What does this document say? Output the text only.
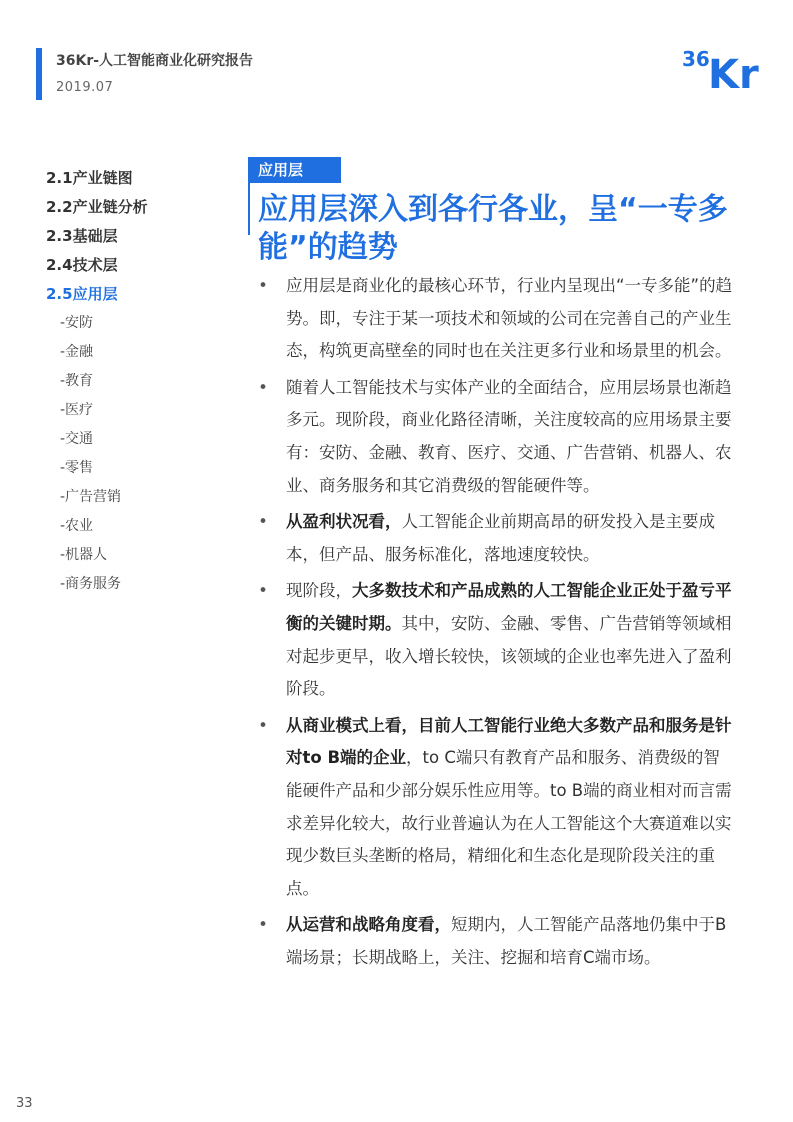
36Kr-人工智能商业化研究报告
2019.07
36
Kr
2.1产业链图
2.2产业链分析
2.3基础层
2.4技术层
2.5应用层
-安防
-金融
-教育
-医疗
-交通
-零售
-广告营销
-农业
-机器人
-商务服务
应用层
应用层深入到各行各业，呈“一专多能”的趋势
•	应用层是商业化的最核心环节，行业内呈现出“一专多能”的趋势。即，专注于某一项技术和领域的公司在完善自己的产业生态，构筑更高壁垒的同时也在关注更多行业和场景里的机会。
•	随着人工智能技术与实体产业的全面结合，应用层场景也渐趋多元。现阶段，商业化路径清晰，关注度较高的应用场景主要有：安防、金融、教育、医疗、交通、广告营销、机器人、农业、商务服务和其它消费级的智能硬件等。
•	从盈利状况看，人工智能企业前期高昂的研发投入是主要成本，但产品、服务标准化，落地速度较快。
•	现阶段，大多数技术和产品成熟的人工智能企业正处于盈亏平衡的关键时期。其中，安防、金融、零售、广告营销等领域相对起步更早，收入增长较快，该领域的企业也率先进入了盈利阶段。
•	从商业模式上看，目前人工智能行业绝大多数产品和服务是针对to B端的企业，to C端只有教育产品和服务、消费级的智能硬件产品和少部分娱乐性应用等。to B端的商业相对而言需求差异化较大，故行业普遍认为在人工智能这个大赛道难以实现少数巨头垄断的格局，精细化和生态化是现阶段关注的重点。
•	从运营和战略角度看，短期内，人工智能产品落地仍集中于B端场景；长期战略上，关注、挖掘和培育C端市场。
33
